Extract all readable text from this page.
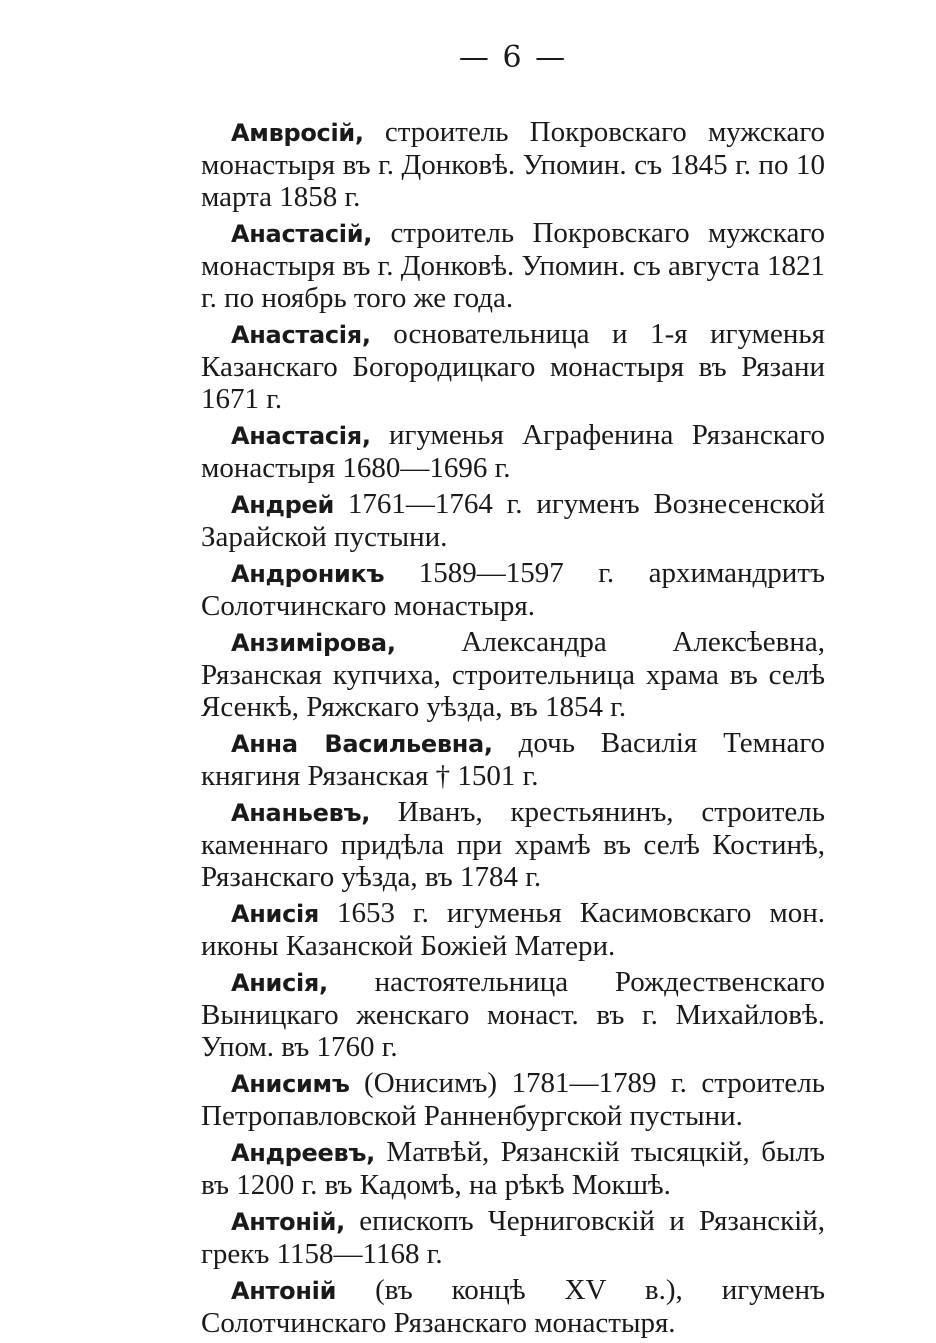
— 6 —

Амвросій, строитель Покровскаго мужскаго монастыря въ г. Донковѣ. Упомин. съ 1845 г. по 10 марта 1858 г.

Анастасій, строитель Покровскаго мужскаго монастыря въ г. Донковѣ. Упомин. съ августа 1821 г. по ноябрь того же года.

Анастасія, основательница и 1-я игуменья Казанскаго Богородицкаго монастыря въ Рязани 1671 г.

Анастасія, игуменья Аграфенина Рязанскаго монастыря 1680—1696 г.

Андрей 1761—1764 г. игуменъ Вознесенской Зарайской пустыни.

Андроникъ 1589—1597 г. архимандритъ Солотчинскаго монастыря.

Анзимірова, Александра Алексѣевна, Рязанская купчиха, строительница храма въ селѣ Ясенкѣ, Ряжскаго уѣзда, въ 1854 г.

Анна Васильевна, дочь Василія Темнаго княгиня Рязанская † 1501 г.

Ананьевъ, Иванъ, крестьянинъ, строитель каменнаго придѣла при храмѣ въ селѣ Костинѣ, Рязанскаго уѣзда, въ 1784 г.

Анисія 1653 г. игуменья Касимовскаго мон. иконы Казанской Божіей Матери.

Анисія, настоятельница Рождественскаго Выницкаго женскаго монаст. въ г. Михайловѣ. Упом. въ 1760 г.

Анисимъ (Онисимъ) 1781—1789 г. строитель Петропавловской Ранненбургской пустыни.

Андреевъ, Матвѣй, Рязанскій тысяцкій, былъ въ 1200 г. въ Кадомѣ, на рѣкѣ Мокшѣ.

Антоній, епископъ Черниговскій и Рязанскій, грекъ 1158—1168 г.

Антоній (въ концѣ XV в.), игуменъ Солотчинскаго Рязанскаго монастыря.
